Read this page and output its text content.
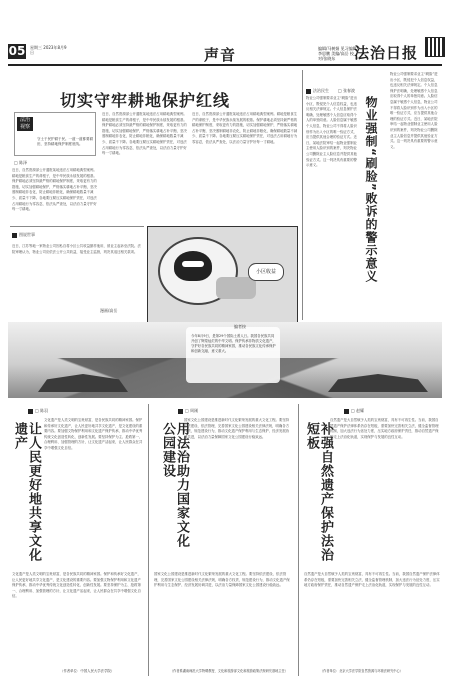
05 星期三 2023年8月9日	声音	编辑/马树娟 见习编辑/李思鹏 美编/高岳 校对/张晓东	法治日报
切实守牢耕地保护红线
法治 视察
守土于民护耕于民。一道一道都要耕田，坚持耕地保护制度底线。
□ 陈泽
近日，自然资源部公开通报某地违法占用耕地典型案例。耕地是粮食生产的命根子，是中华民族永续发展的根基。保护耕地必须坚持最严格的耕地保护制度，采取更有力的措施，切实加强耕地保护，严格落实耕地占补平衡，坚决遏制耕地非农化，防止耕地非粮化，确保耕地数量不减少、质量不下降。各地要压紧压实耕地保护责任，对违法占用耕地行为零容忍，依法从严查处，以法治力量守护好每一寸耕地。
近日，自然资源部公开通报某地违法占用耕地典型案例。耕地是粮食生产的命根子，是中华民族永续发展的根基。保护耕地必须坚持最严格的耕地保护制度，采取更有力的措施，切实加强耕地保护，严格落实耕地占补平衡，坚决遏制耕地非农化，防止耕地非粮化，确保耕地数量不减少、质量不下降。各地要压紧压实耕地保护责任，对违法占用耕地行为零容忍，依法从严查处，以法治力量守护好每一寸耕地。
近日，自然资源部公开通报某地违法占用耕地典型案例。耕地是粮食生产的命根子，是中华民族永续发展的根基。保护耕地必须坚持最严格的耕地保护制度，采取更有力的措施，切实加强耕地保护，严格落实耕地占补平衡，坚决遏制耕地非农化，防止耕地非粮化，确保耕地数量不减少、质量不下降。各地要压紧压实耕地保护责任，对违法占用耕地行为零容忍，依法从严查处，以法治力量守护好每一寸耕地。
图说世事
近日，江苏等地一家物业公司因私自将小区公共收益挪作他用，被业主起诉至法院。法院审理认为，物业公司应依法公开公共收益，接受业主监督，判决其返还相关款项。
漫画/高岳
小区收益
法治民生 □ 张春波
物业公司强制要求业主“刷脸”进出小区，既侵犯个人信息权益，也违反相关法律规定。个人信息保护法明确，处理敏感个人信息应取得个人的单独同意。人脸信息属于敏感个人信息，物业公司不得将人脸识别作为出入小区的唯一验证方式，应当提供其他合理的验证方式。近日，某地法院审结一起物业强制业主使用人脸识别的案件，判决物业公司删除业主人脸信息并提供其他验证方式。这一判决具有重要的警示意义。	物业强制“刷脸”败诉的警示意义
物业公司强制要求业主“刷脸”进出小区，既侵犯个人信息权益，也违反相关法律规定。个人信息保护法明确，处理敏感个人信息应取得个人的单独同意。人脸信息属于敏感个人信息，物业公司不得将人脸识别作为出入小区的唯一验证方式，应当提供其他合理的验证方式。近日，某地法院审结一起物业强制业主使用人脸识别的案件，判决物业公司删除业主人脸信息并提供其他验证方式。这一判决具有重要的警示意义。
编者按
今年8月9日，是第29个国际土著人日。我国各民族共同开创了辉煌灿烂的中华文明。保护传承非物质文化遗产，守护好各民族共同的精神家园，推动各民族文化传承保护和创新交融，意义重大。
□ 陈羽
让人民更好地共享文化遗产
文化遗产是人类文明的宝贵财富，是各民族共同的精神家园。保护和传承好文化遗产，让人民更好地共享文化遗产，是文化建设的重要内容。要加强文物保护利用和文化遗产保护传承，推动中华优秀传统文化创造性转化、创新性发展。要坚持保护为主、抢救第一、合理利用、加强管理的方针，让文化遗产活起来，让人民群众在共享中增强文化自信。
文化遗产是人类文明的宝贵财富，是各民族共同的精神家园。保护和传承好文化遗产，让人民更好地共享文化遗产，是文化建设的重要内容。要加强文物保护利用和文化遗产保护传承，推动中华优秀传统文化创造性转化、创新性发展。要坚持保护为主、抢救第一、合理利用、加强管理的方针，让文化遗产活起来，让人民群众在共享中增强文化自信。
（作者单位：中国人民大学法学院）
□ 周刚
用法治助力国家文化公园建设
国家文化公园建设是推进新时代文化繁荣发展的重大文化工程。要坚持依法建设、依法管理，完善国家文化公园建设相关法律法规，明确各方权责，规范建设行为，推动文化遗产保护利用与生态保护、经济发展协调共进，以法治力量保障国家文化公园建设行稳致远。
国家文化公园建设是推进新时代文化繁荣发展的重大文化工程。要坚持依法建设、依法管理，完善国家文化公园建设相关法律法规，明确各方权责，规范建设行为，推动文化遗产保护利用与生态保护、经济发展协调共进，以法治力量保障国家文化公园建设行稳致远。
（作者系湖南师范大学特聘教授、文化和旅游部文化和旅游政策法规研究基地主任）
□ 赵耀
补强自然遗产保护法治短板
自然遗产是大自然赋予人类的宝贵财富，具有不可再生性。当前，我国自然遗产保护法律体系仍存在短板，需要加快完善相关立法，健全监督管理机制，加大违法行为惩处力度，压实地方政府保护责任，推动自然遗产保护走上法治化轨道，实现保护与发展的良性互动。
自然遗产是大自然赋予人类的宝贵财富，具有不可再生性。当前，我国自然遗产保护法律体系仍存在短板，需要加快完善相关立法，健全监督管理机制，加大违法行为惩处力度，压实地方政府保护责任，推动自然遗产保护走上法治化轨道，实现保护与发展的良性互动。
（作者单位：北京大学法学院自然资源与环境法研究中心）
